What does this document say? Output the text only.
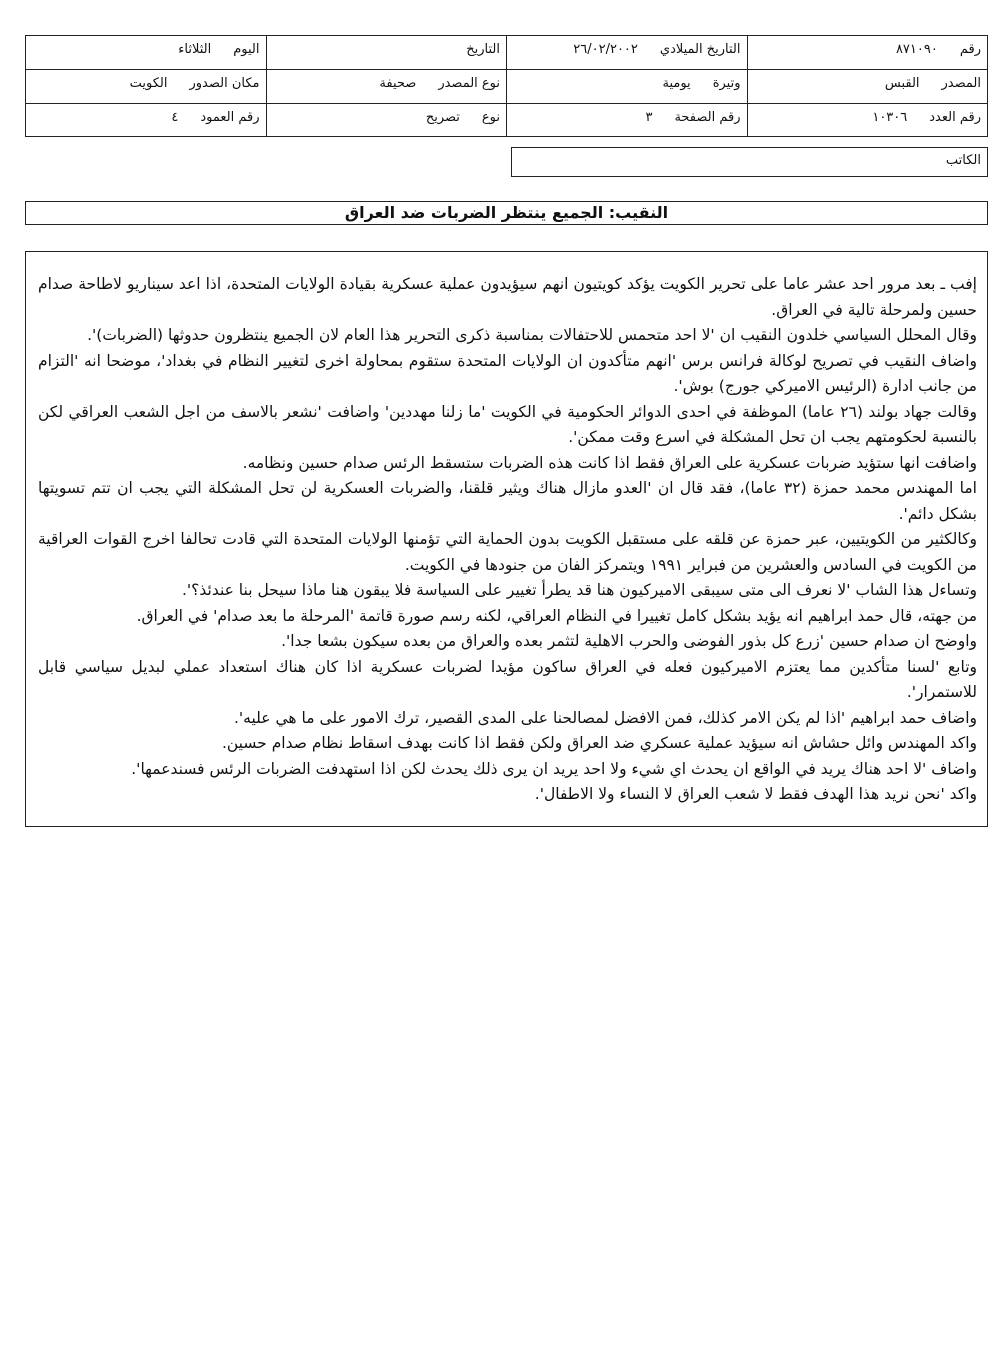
رقم
٨٧١٠٩٠
التاريخ الميلادي
٢٦/٠٢/٢٠٠٢
التاريخ
اليوم
الثلاثاء
المصدر
القبس
وتيرة
يومية
نوع المصدر
صحيفة
مكان الصدور
الكويت
رقم العدد
١٠٣٠٦
رقم الصفحة
٣
نوع
تصريح
رقم العمود
٤
الكاتب
النقيب: الجميع ينتظر الضربات ضد العراق

إفب ـ بعد مرور احد عشر عاما على تحرير الكويت يؤكد كويتيون انهم سيؤيدون عملية عسكرية بقيادة الولايات المتحدة، اذا اعد سيناريو لاطاحة صدام حسين ولمرحلة تالية في العراق.

وقال المحلل السياسي خلدون النقيب ان 'لا احد متحمس للاحتفالات بمناسبة ذكرى التحرير هذا العام لان الجميع ينتظرون حدوثها (الضربات)'.

واضاف النقيب في تصريح لوكالة فرانس برس 'انهم متأكدون ان الولايات المتحدة ستقوم بمحاولة اخرى لتغيير النظام في بغداد'، موضحا انه 'التزام من جانب ادارة (الرئيس الاميركي جورج) بوش'.

وقالت جهاد بولند (٢٦ عاما) الموظفة في احدى الدوائر الحكومية في الكويت 'ما زلنا مهددين' واضافت 'نشعر بالاسف من اجل الشعب العراقي لكن بالنسبة لحكومتهم يجب ان تحل المشكلة في اسرع وقت ممكن'.

واضافت انها ستؤيد ضربات عسكرية على العراق فقط اذا كانت هذه الضربات ستسقط الرئس صدام حسين ونظامه.

اما المهندس محمد حمزة (٣٢ عاما)، فقد قال ان 'العدو مازال هناك ويثير قلقنا، والضربات العسكرية لن تحل المشكلة التي يجب ان تتم تسويتها بشكل دائم'.

وكالكثير من الكويتيين، عبر حمزة عن قلقه على مستقبل الكويت بدون الحماية التي تؤمنها الولايات المتحدة التي قادت تحالفا اخرج القوات العراقية من الكويت في السادس والعشرين من فبراير ١٩٩١ ويتمركز الفان من جنودها في الكويت.

وتساءل هذا الشاب 'لا نعرف الى متى سيبقى الاميركيون هنا قد يطرأ تغيير على السياسة فلا يبقون هنا ماذا سيحل بنا عندئذ؟'.

من جهته، قال حمد ابراهيم انه يؤيد بشكل كامل تغييرا في النظام العراقي، لكنه رسم صورة قاتمة 'المرحلة ما بعد صدام' في العراق.

واوضح ان صدام حسين 'زرع كل بذور الفوضى والحرب الاهلية لتثمر بعده والعراق من بعده سيكون بشعا جدا'.

وتابع 'لسنا متأكدين مما يعتزم الاميركيون فعله في العراق ساكون مؤيدا لضربات عسكرية اذا كان هناك استعداد عملي لبديل سياسي قابل للاستمرار'.

واضاف حمد ابراهيم 'اذا لم يكن الامر كذلك، فمن الافضل لمصالحنا على المدى القصير، ترك الامور على ما هي عليه'.

واكد المهندس وائل حشاش انه سيؤيد عملية عسكري ضد العراق ولكن فقط اذا كانت بهدف اسقاط نظام صدام حسين.

واضاف 'لا احد هناك يريد في الواقع ان يحدث اي شيء ولا احد يريد ان يرى ذلك يحدث لكن اذا استهدفت الضربات الرئس فسندعمها'.

واكد 'نحن نريد هذا الهدف فقط لا شعب العراق لا النساء ولا الاطفال'.
